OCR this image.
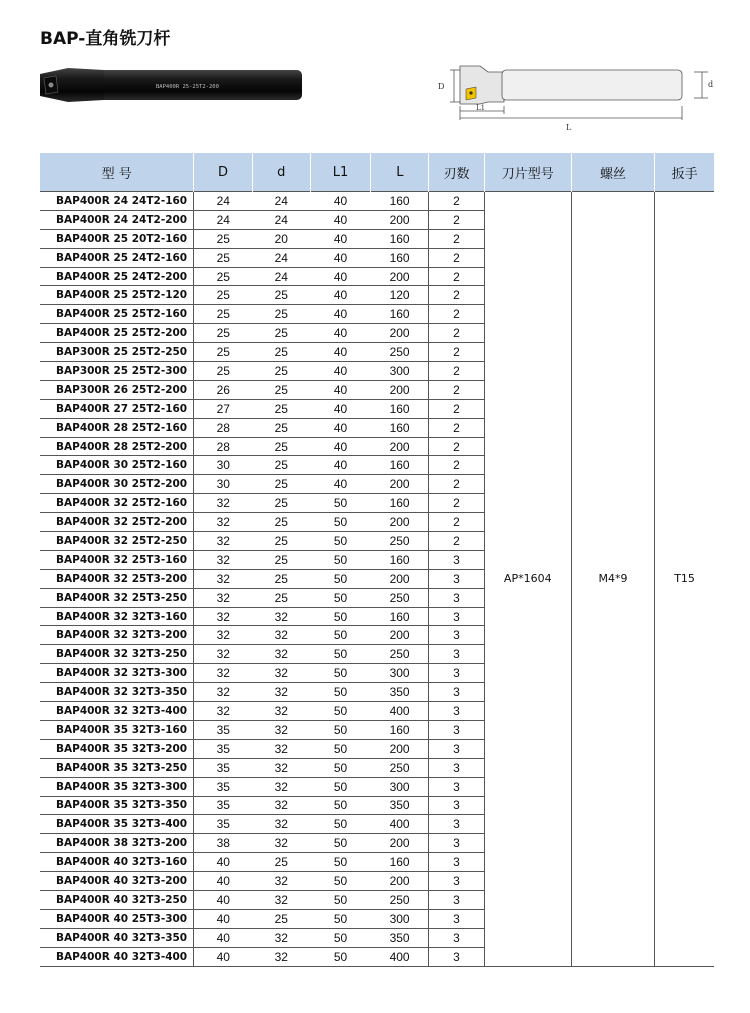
BAP-直角铣刀杆
BAP400R 25-25T2-200	D	d
L1
L
型 号	D	d	L1	L	刃数	刀片型号	螺丝	扳手
BAP400R 24 24T2-160	24	24	40	160	2	AP*1604	M4*9	T15
BAP400R 24 24T2-200	24	24	40	200	2			
BAP400R 25 20T2-160	25	20	40	160	2			
BAP400R 25 24T2-160	25	24	40	160	2			
BAP400R 25 24T2-200	25	24	40	200	2			
BAP400R 25 25T2-120	25	25	40	120	2			
BAP400R 25 25T2-160	25	25	40	160	2			
BAP400R 25 25T2-200	25	25	40	200	2			
BAP300R 25 25T2-250	25	25	40	250	2			
BAP300R 25 25T2-300	25	25	40	300	2			
BAP300R 26 25T2-200	26	25	40	200	2			
BAP400R 27 25T2-160	27	25	40	160	2			
BAP400R 28 25T2-160	28	25	40	160	2			
BAP400R 28 25T2-200	28	25	40	200	2			
BAP400R 30 25T2-160	30	25	40	160	2			
BAP400R 30 25T2-200	30	25	40	200	2			
BAP400R 32 25T2-160	32	25	50	160	2			
BAP400R 32 25T2-200	32	25	50	200	2			
BAP400R 32 25T2-250	32	25	50	250	2			
BAP400R 32 25T3-160	32	25	50	160	3			
BAP400R 32 25T3-200	32	25	50	200	3			
BAP400R 32 25T3-250	32	25	50	250	3			
BAP400R 32 32T3-160	32	32	50	160	3			
BAP400R 32 32T3-200	32	32	50	200	3			
BAP400R 32 32T3-250	32	32	50	250	3			
BAP400R 32 32T3-300	32	32	50	300	3			
BAP400R 32 32T3-350	32	32	50	350	3			
BAP400R 32 32T3-400	32	32	50	400	3			
BAP400R 35 32T3-160	35	32	50	160	3			
BAP400R 35 32T3-200	35	32	50	200	3			
BAP400R 35 32T3-250	35	32	50	250	3			
BAP400R 35 32T3-300	35	32	50	300	3			
BAP400R 35 32T3-350	35	32	50	350	3			
BAP400R 35 32T3-400	35	32	50	400	3			
BAP400R 38 32T3-200	38	32	50	200	3			
BAP400R 40 32T3-160	40	25	50	160	3			
BAP400R 40 32T3-200	40	32	50	200	3			
BAP400R 40 32T3-250	40	32	50	250	3			
BAP400R 40 25T3-300	40	25	50	300	3			
BAP400R 40 32T3-350	40	32	50	350	3			
BAP400R 40 32T3-400	40	32	50	400	3			
